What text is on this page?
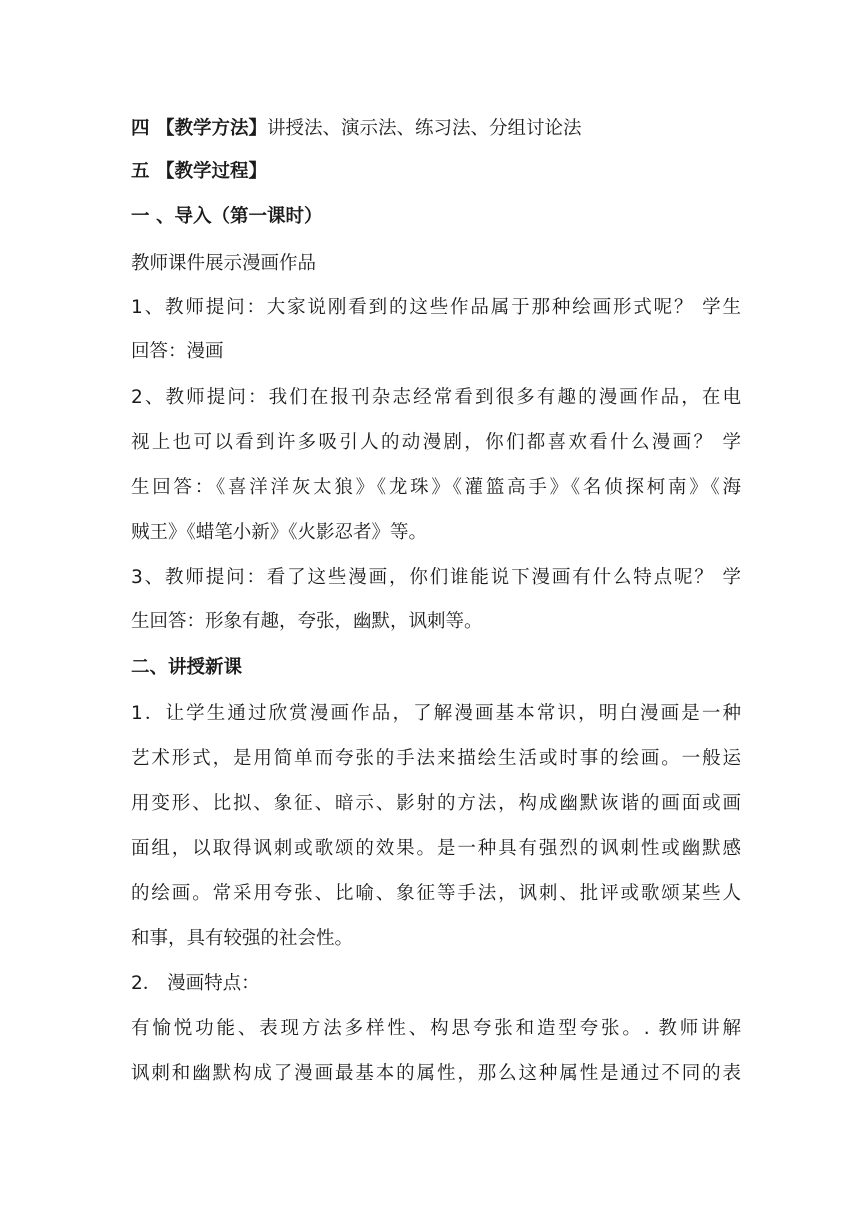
四 【教学方法】讲授法、演示法、练习法、分组讨论法
五 【教学过程】
一 、导入（第一课时）
教师课件展示漫画作品
1、教师提问：大家说刚看到的这些作品属于那种绘画形式呢？ 学生
回答：漫画
2、教师提问：我们在报刊杂志经常看到很多有趣的漫画作品，在电
视上也可以看到许多吸引人的动漫剧，你们都喜欢看什么漫画？ 学
生回答：《喜洋洋灰太狼》《龙珠》《灌篮高手》《名侦探柯南》《海
贼王》《蜡笔小新》《火影忍者》等。
3、教师提问：看了这些漫画，你们谁能说下漫画有什么特点呢？ 学
生回答：形象有趣，夸张，幽默，讽刺等。
二、讲授新课
1．让学生通过欣赏漫画作品，了解漫画基本常识，明白漫画是一种
艺术形式，是用简单而夸张的手法来描绘生活或时事的绘画。一般运
用变形、比拟、象征、暗示、影射的方法，构成幽默诙谐的画面或画
面组，以取得讽刺或歌颂的效果。是一种具有强烈的讽刺性或幽默感
的绘画。常采用夸张、比喻、象征等手法，讽刺、批评或歌颂某些人
和事，具有较强的社会性。
2． 漫画特点：
有愉悦功能、表现方法多样性、构思夸张和造型夸张。. 教师讲解
讽刺和幽默构成了漫画最基本的属性，那么这种属性是通过不同的表
